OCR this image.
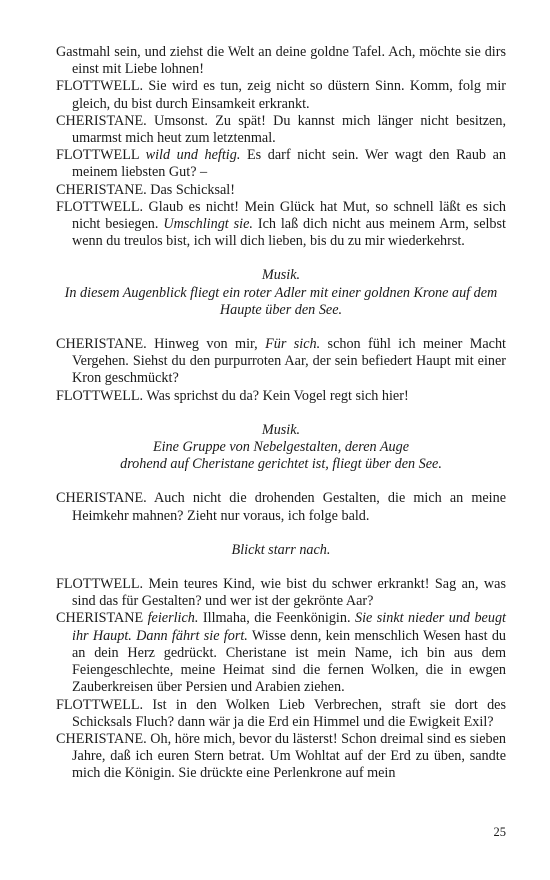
Gastmahl sein, und ziehst die Welt an deine goldne Tafel. Ach, möchte sie dirs einst mit Liebe lohnen!

FLOTTWELL. Sie wird es tun, zeig nicht so düstern Sinn. Komm, folg mir gleich, du bist durch Einsamkeit erkrankt.

CHERISTANE. Umsonst. Zu spät! Du kannst mich länger nicht besitzen, umarmst mich heut zum letztenmal.

FLOTTWELL wild und heftig. Es darf nicht sein. Wer wagt den Raub an meinem liebsten Gut? –

CHERISTANE. Das Schicksal!

FLOTTWELL. Glaub es nicht! Mein Glück hat Mut, so schnell läßt es sich nicht besiegen. Umschlingt sie. Ich laß dich nicht aus meinem Arm, selbst wenn du treulos bist, ich will dich lieben, bis du zu mir wiederkehrst.

Musik.
In diesem Augenblick fliegt ein roter Adler mit einer goldnen Krone auf dem Haupte über den See.

CHERISTANE. Hinweg von mir, Für sich. schon fühl ich meiner Macht Vergehen. Siehst du den purpurroten Aar, der sein befiedert Haupt mit einer Kron geschmückt?

FLOTTWELL. Was sprichst du da? Kein Vogel regt sich hier!

Musik.
Eine Gruppe von Nebelgestalten, deren Auge
drohend auf Cheristane gerichtet ist, fliegt über den See.

CHERISTANE. Auch nicht die drohenden Gestalten, die mich an meine Heimkehr mahnen? Zieht nur voraus, ich folge bald.

Blickt starr nach.

FLOTTWELL. Mein teures Kind, wie bist du schwer erkrankt! Sag an, was sind das für Gestalten? und wer ist der gekrönte Aar?

CHERISTANE feierlich. Illmaha, die Feenkönigin. Sie sinkt nieder und beugt ihr Haupt. Dann fährt sie fort. Wisse denn, kein menschlich Wesen hast du an dein Herz gedrückt. Cheristane ist mein Name, ich bin aus dem Feiengeschlechte, meine Heimat sind die fernen Wolken, die in ewgen Zauberkreisen über Persien und Arabien ziehen.

FLOTTWELL. Ist in den Wolken Lieb Verbrechen, straft sie dort des Schicksals Fluch? dann wär ja die Erd ein Himmel und die Ewigkeit Exil?

CHERISTANE. Oh, höre mich, bevor du lästerst! Schon dreimal sind es sieben Jahre, daß ich euren Stern betrat. Um Wohltat auf der Erd zu üben, sandte mich die Königin. Sie drückte eine Perlenkrone auf mein

25
